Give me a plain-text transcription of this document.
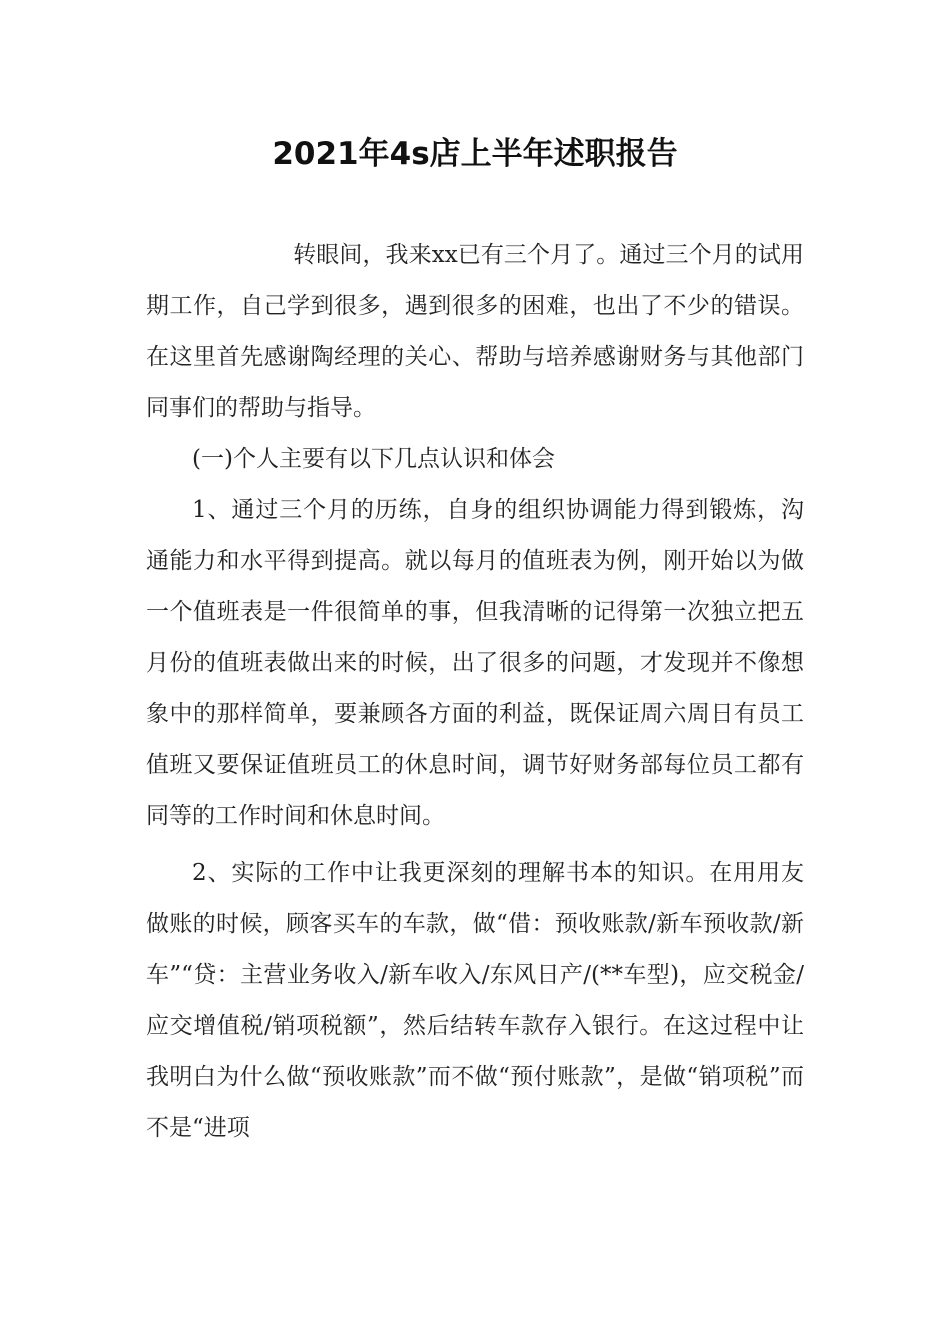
2021年4s店上半年述职报告

转眼间，我来xx已有三个月了。通过三个月的试用期工作，自己学到很多，遇到很多的困难，也出了不少的错误。在这里首先感谢陶经理的关心、帮助与培养感谢财务与其他部门同事们的帮助与指导。

(一)个人主要有以下几点认识和体会

1、通过三个月的历练，自身的组织协调能力得到锻炼，沟通能力和水平得到提高。就以每月的值班表为例，刚开始以为做一个值班表是一件很简单的事，但我清晰的记得第一次独立把五月份的值班表做出来的时候，出了很多的问题，才发现并不像想象中的那样简单，要兼顾各方面的利益，既保证周六周日有员工值班又要保证值班员工的休息时间，调节好财务部每位员工都有同等的工作时间和休息时间。

2、实际的工作中让我更深刻的理解书本的知识。在用用友做账的时候，顾客买车的车款，做“借：预收账款/新车预收款/新车”“贷：主营业务收入/新车收入/东风日产/(**车型)，应交税金/应交增值税/销项税额”，然后结转车款存入银行。在这过程中让我明白为什么做“预收账款”而不做“预付账款”，是做“销项税”而不是“进项
